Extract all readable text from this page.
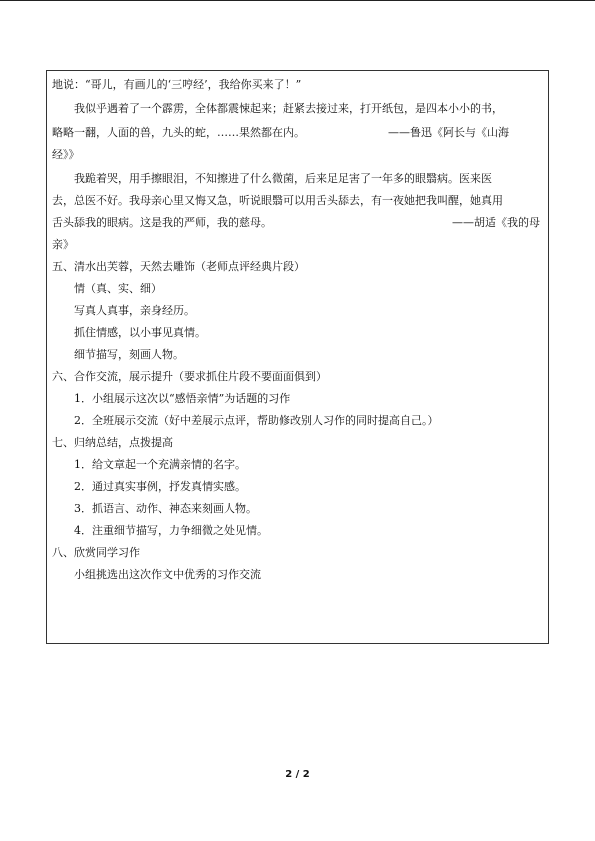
地说：“哥儿，有画儿的‘三哼经’，我给你买来了！”
我似乎遇着了一个霹雳，全体都震悚起来；赶紧去接过来，打开纸包，是四本小小的书，
略略一翻，人面的兽，九头的蛇，……果然都在内。	——鲁迅《阿长与《山海
经》》
我跪着哭，用手擦眼泪，不知擦进了什么微菌，后来足足害了一年多的眼翳病。医来医
去，总医不好。我母亲心里又悔又急，听说眼翳可以用舌头舔去，有一夜她把我叫醒，她真用
舌头舔我的眼病。这是我的严师，我的慈母。	——胡适《我的母
亲》
五、清水出芙蓉，天然去雕饰（老师点评经典片段）
情（真、实、细）
写真人真事，亲身经历。
抓住情感，以小事见真情。
细节描写，刻画人物。
六、合作交流，展示提升（要求抓住片段不要面面俱到）
1．小组展示这次以“感悟亲情”为话题的习作
2．全班展示交流（好中差展示点评，帮助修改别人习作的同时提高自己。）
七、归纳总结，点拨提高
1．给文章起一个充满亲情的名字。
2．通过真实事例，抒发真情实感。
3．抓语言、动作、神态来刻画人物。
4．注重细节描写，力争细微之处见情。
八、欣赏同学习作
小组挑选出这次作文中优秀的习作交流
2 / 2
